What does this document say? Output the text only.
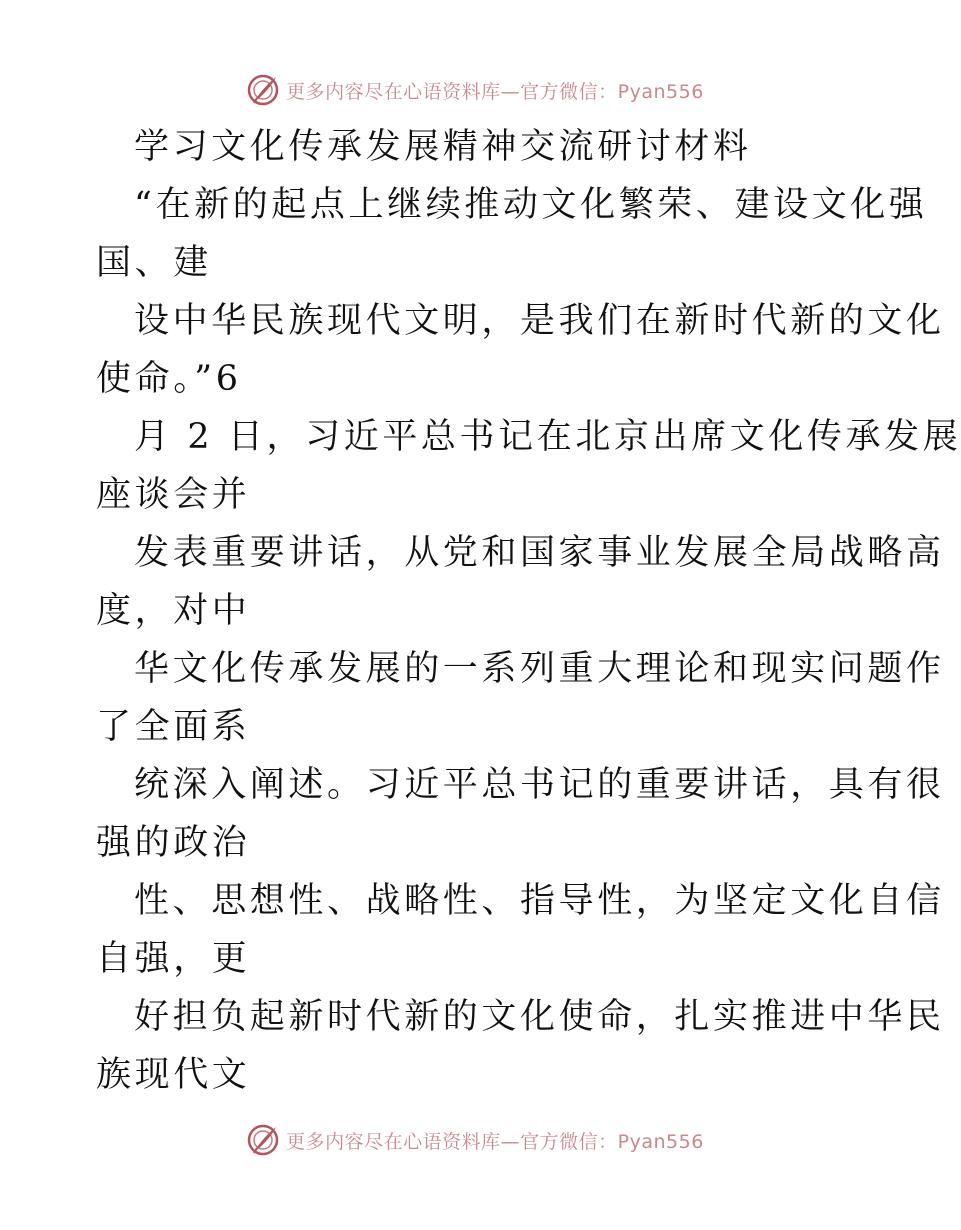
更多内容尽在心语资料库—官方微信：Pyan556
学习文化传承发展精神交流研讨材料
“在新的起点上继续推动文化繁荣、建设文化强
国、建
设中华民族现代文明，是我们在新时代新的文化
使命。”6
月 2 日，习近平总书记在北京出席文化传承发展
座谈会并
发表重要讲话，从党和国家事业发展全局战略高
度，对中
华文化传承发展的一系列重大理论和现实问题作
了全面系
统深入阐述。习近平总书记的重要讲话，具有很
强的政治
性、思想性、战略性、指导性，为坚定文化自信
自强，更
好担负起新时代新的文化使命，扎实推进中华民
族现代文
更多内容尽在心语资料库—官方微信：Pyan556
